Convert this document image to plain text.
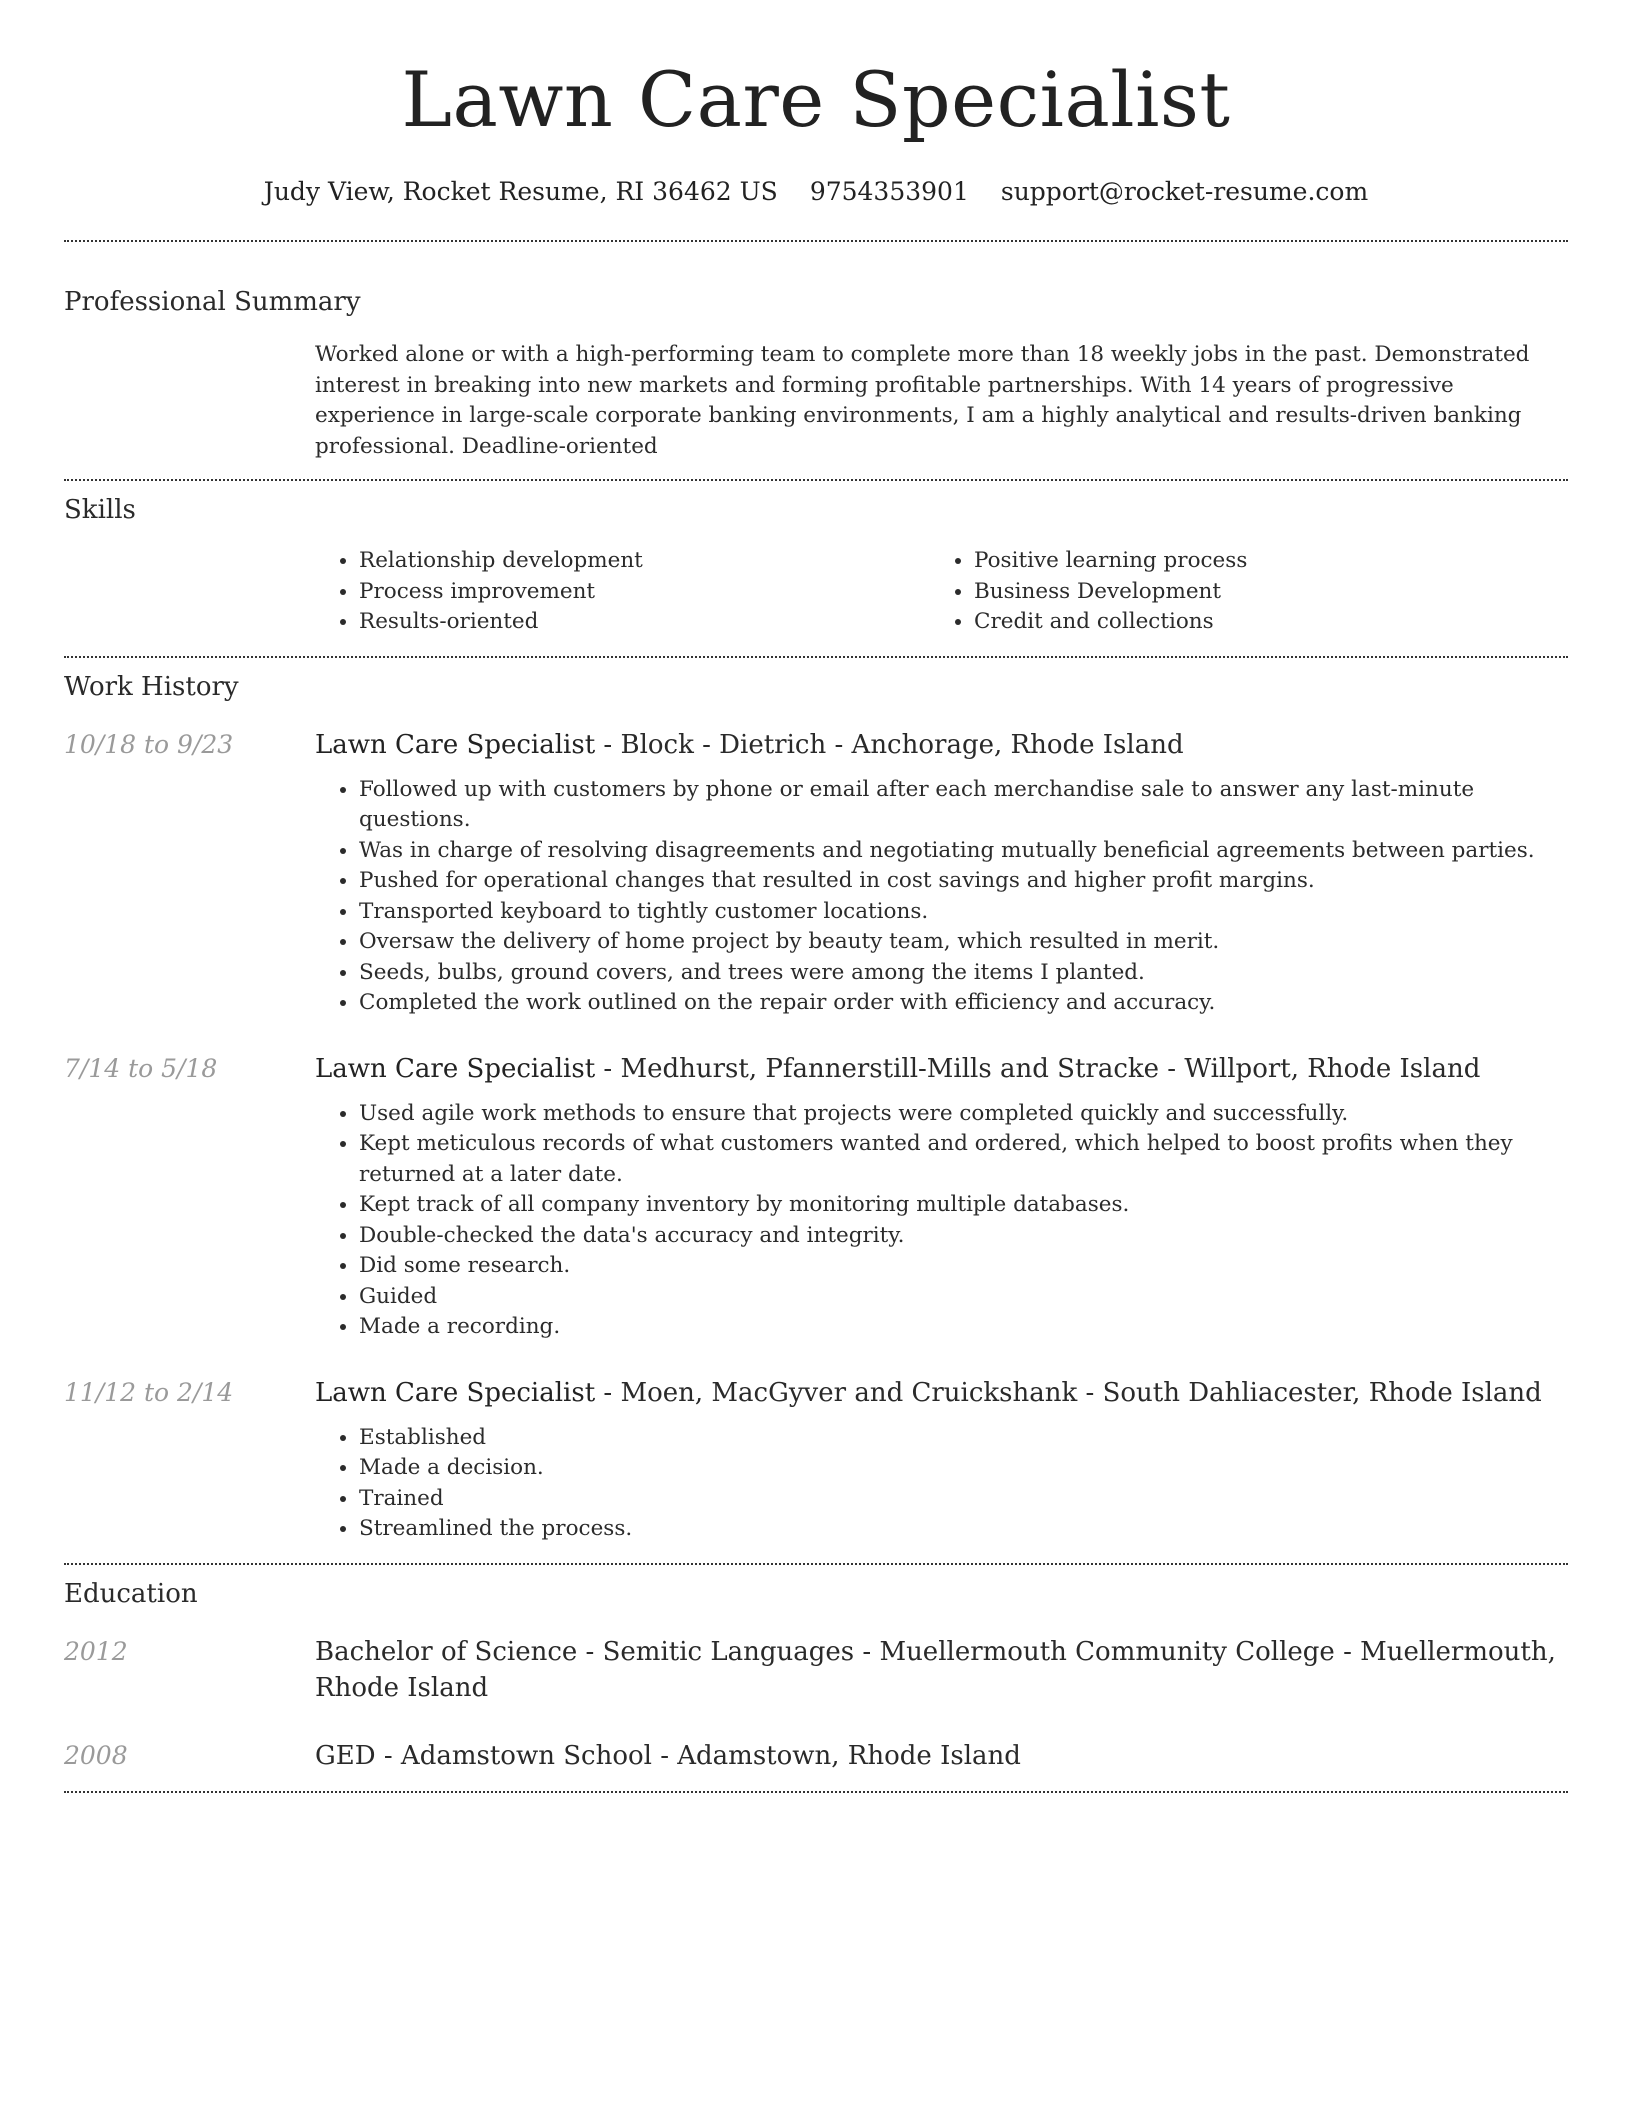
Lawn Care Specialist
Judy View, Rocket Resume, RI 36462 US 9754353901 support@rocket-resume.com
Professional Summary

Worked alone or with a high-performing team to complete more than 18 weekly jobs in the past. Demonstrated interest in breaking into new markets and forming profitable partnerships. With 14 years of progressive experience in large-scale corporate banking environments, I am a highly analytical and results-driven banking professional. Deadline-oriented

Skills
• Relationship development
• Process improvement
• Results-oriented
• Positive learning process
• Business Development
• Credit and collections
Work History
10/18 to 9/23	Lawn Care Specialist - Block - Dietrich - Anchorage, Rhode Island
• Followed up with customers by phone or email after each merchandise sale to answer any last-minute questions.
• Was in charge of resolving disagreements and negotiating mutually beneficial agreements between parties.
• Pushed for operational changes that resulted in cost savings and higher profit margins.
• Transported keyboard to tightly customer locations.
• Oversaw the delivery of home project by beauty team, which resulted in merit.
• Seeds, bulbs, ground covers, and trees were among the items I planted.
• Completed the work outlined on the repair order with efficiency and accuracy.
7/14 to 5/18	Lawn Care Specialist - Medhurst, Pfannerstill-Mills and Stracke - Willport, Rhode Island
• Used agile work methods to ensure that projects were completed quickly and successfully.
• Kept meticulous records of what customers wanted and ordered, which helped to boost profits when they returned at a later date.
• Kept track of all company inventory by monitoring multiple databases.
• Double-checked the data's accuracy and integrity.
• Did some research.
• Guided
• Made a recording.
11/12 to 2/14	Lawn Care Specialist - Moen, MacGyver and Cruickshank - South Dahliacester, Rhode Island
• Established
• Made a decision.
• Trained
• Streamlined the process.
Education
2012	Bachelor of Science - Semitic Languages - Muellermouth Community College - Muellermouth, Rhode Island
2008	GED - Adamstown School - Adamstown, Rhode Island
